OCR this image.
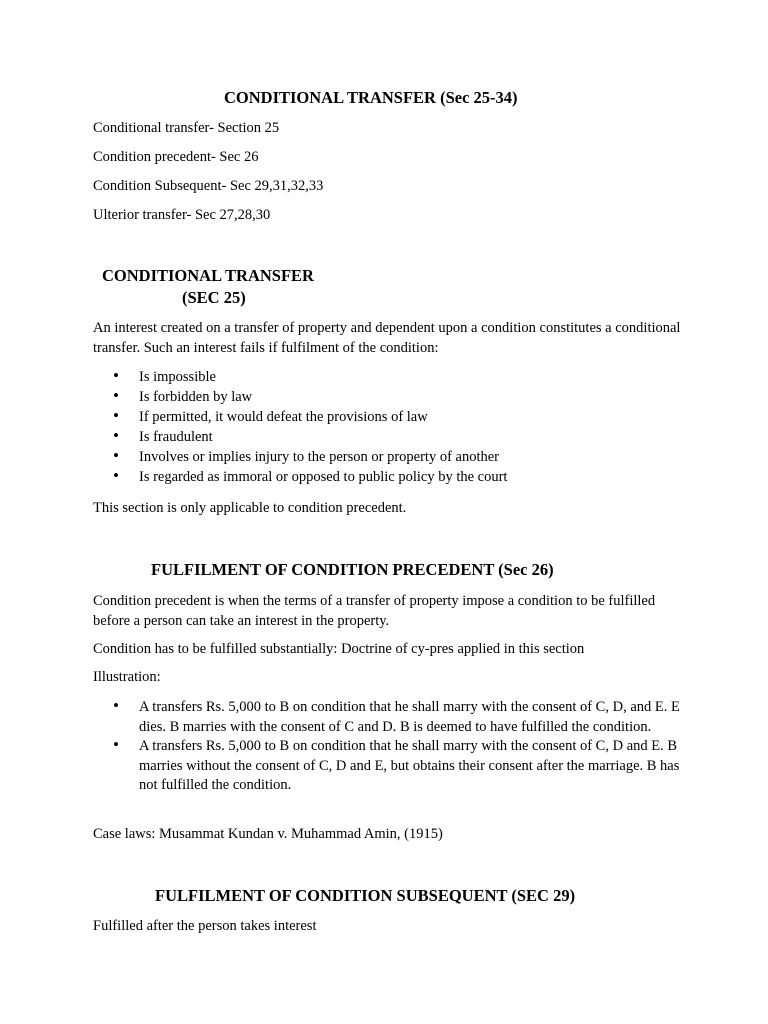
CONDITIONAL TRANSFER (Sec 25-34)
Conditional transfer- Section 25
Condition precedent- Sec 26
Condition Subsequent- Sec 29,31,32,33
Ulterior transfer- Sec 27,28,30
CONDITIONAL TRANSFER
(SEC 25)
An interest created on a transfer of property and dependent upon a condition constitutes a conditional transfer. Such an interest fails if fulfilment of the condition:
• Is impossible
• Is forbidden by law
• If permitted, it would defeat the provisions of law
• Is fraudulent
• Involves or implies injury to the person or property of another
• Is regarded as immoral or opposed to public policy by the court
This section is only applicable to condition precedent.
FULFILMENT OF CONDITION PRECEDENT (Sec 26)
Condition precedent is when the terms of a transfer of property impose a condition to be fulfilled before a person can take an interest in the property.
Condition has to be fulfilled substantially: Doctrine of cy-pres applied in this section
Illustration:
• A transfers Rs. 5,000 to B on condition that he shall marry with the consent of C, D, and E. E dies. B marries with the consent of C and D. B is deemed to have fulfilled the condition.
• A transfers Rs. 5,000 to B on condition that he shall marry with the consent of C, D and E. B marries without the consent of C, D and E, but obtains their consent after the marriage. B has not fulfilled the condition.
Case laws: Musammat Kundan v. Muhammad Amin, (1915)
FULFILMENT OF CONDITION SUBSEQUENT (SEC 29)
Fulfilled after the person takes interest
